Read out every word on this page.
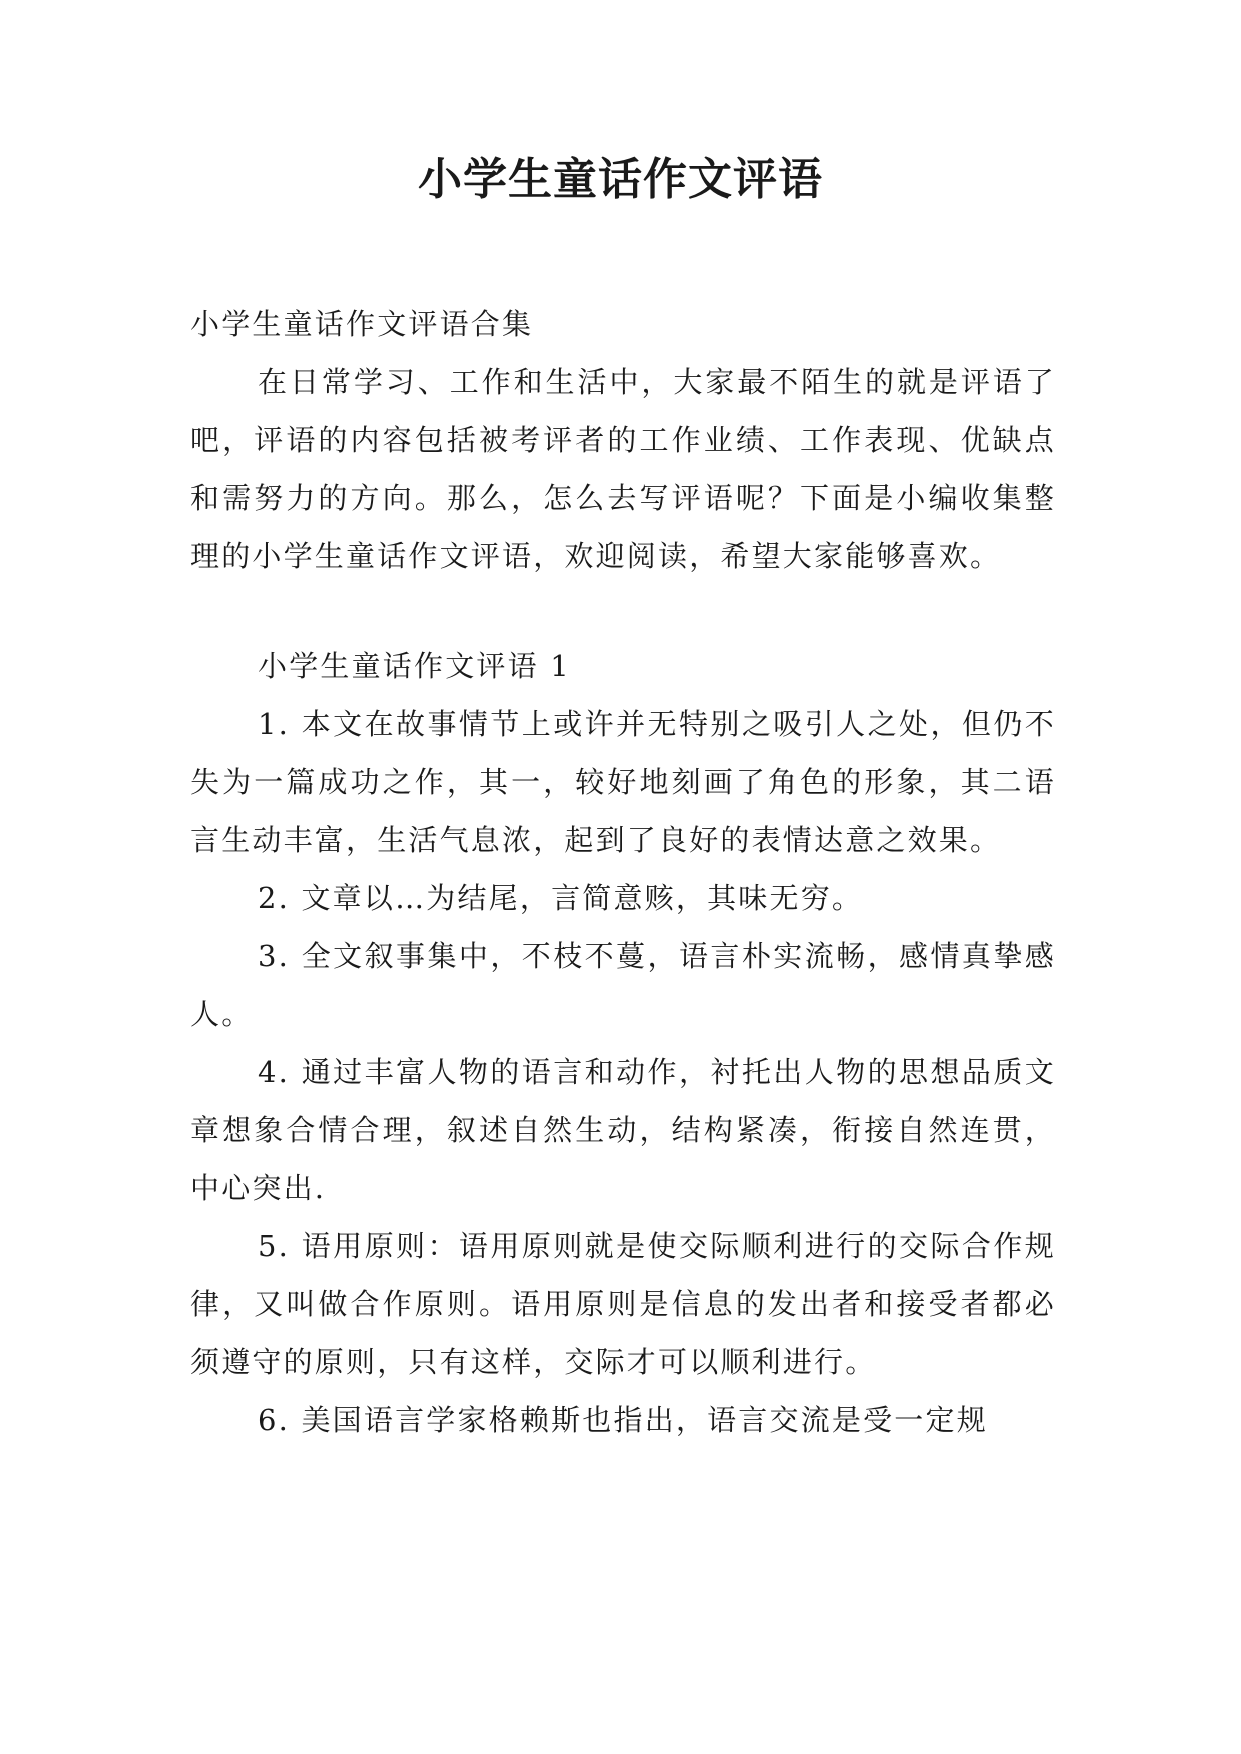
小学生童话作文评语

小学生童话作文评语合集

在日常学习、工作和生活中，大家最不陌生的就是评语了吧，评语的内容包括被考评者的工作业绩、工作表现、优缺点和需努力的方向。那么，怎么去写评语呢？下面是小编收集整理的小学生童话作文评语，欢迎阅读，希望大家能够喜欢。

小学生童话作文评语 1

1. 本文在故事情节上或许并无特别之吸引人之处，但仍不失为一篇成功之作，其一，较好地刻画了角色的形象，其二语言生动丰富，生活气息浓，起到了良好的表情达意之效果。

2. 文章以…为结尾，言简意赅，其味无穷。

3. 全文叙事集中，不枝不蔓，语言朴实流畅，感情真挚感人。

4. 通过丰富人物的语言和动作，衬托出人物的思想品质文章想象合情合理，叙述自然生动，结构紧凑，衔接自然连贯，中心突出.

5. 语用原则：语用原则就是使交际顺利进行的交际合作规律，又叫做合作原则。语用原则是信息的发出者和接受者都必须遵守的原则，只有这样，交际才可以顺利进行。

6. 美国语言学家格赖斯也指出，语言交流是受一定规
